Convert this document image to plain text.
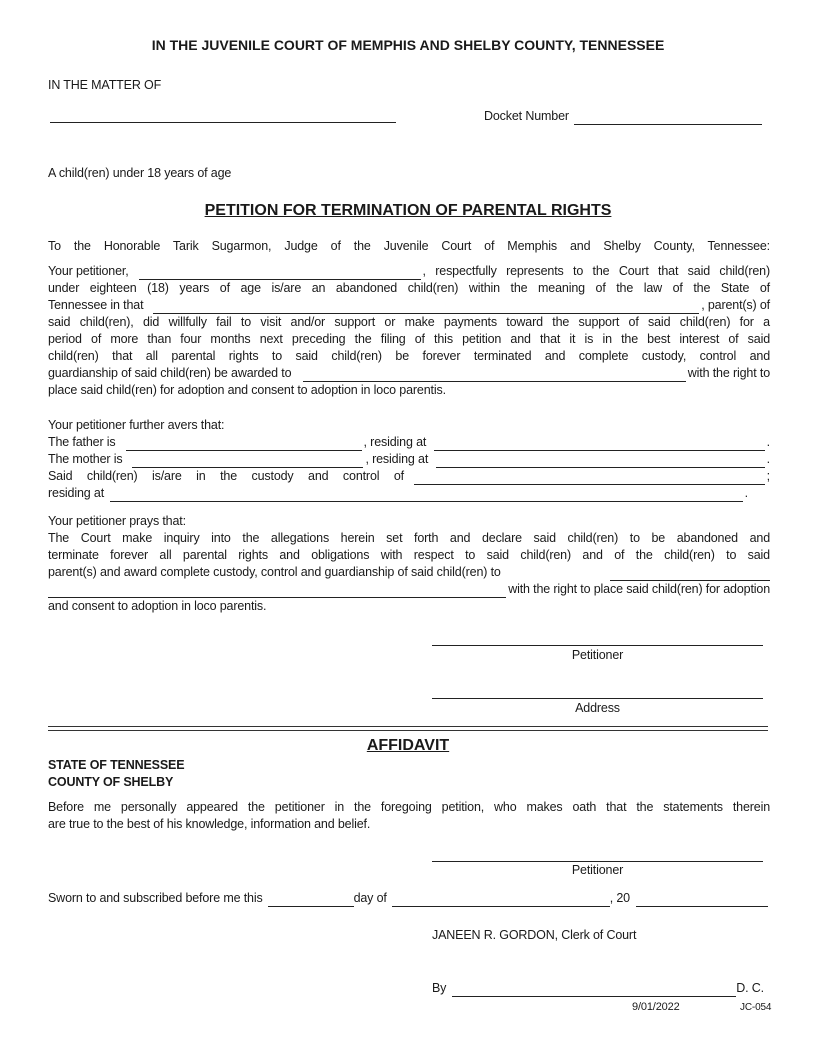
IN THE JUVENILE COURT OF MEMPHIS AND SHELBY COUNTY, TENNESSEE
IN THE MATTER OF
Docket Number
A child(ren) under 18 years of age
PETITION FOR TERMINATION OF PARENTAL RIGHTS
To the Honorable Tarik Sugarmon, Judge of the Juvenile Court of Memphis and Shelby County, Tennessee:
Your petitioner,	, respectfully represents to the Court that said child(ren)
under eighteen (18) years of age is/are an abandoned child(ren) within the meaning of the law of the State of
Tennessee in that	, parent(s) of
said child(ren), did willfully fail to visit and/or support or make payments toward the support of said child(ren) for a
period of more than four months next preceding the filing of this petition and that it is in the best interest of said
child(ren) that all parental rights to said child(ren) be forever terminated and complete custody, control and
guardianship of said child(ren) be awarded to	with the right to
place said child(ren) for adoption and consent to adoption in loco parentis.
Your petitioner further avers that:
The father is	, residing at	.
The mother is	, residing at	.
Said child(ren) is/are in the custody and control of	;
residing at	.
Your petitioner prays that:
The Court make inquiry into the allegations herein set forth and declare said child(ren) to be abandoned and
terminate forever all parental rights and obligations with respect to said child(ren) and of the child(ren) to said
parent(s) and award complete custody, control and guardianship of said child(ren) to
with the right to place said child(ren) for adoption
and consent to adoption in loco parentis.
Petitioner
Address
AFFIDAVIT
STATE OF TENNESSEE
COUNTY OF SHELBY
Before me personally appeared the petitioner in the foregoing petition, who makes oath that the statements therein
are true to the best of his knowledge, information and belief.
Petitioner
Sworn to and subscribed before me this	day of	, 20
JANEEN R. GORDON, Clerk of Court
By	D. C.
9/01/2022	JC-054
